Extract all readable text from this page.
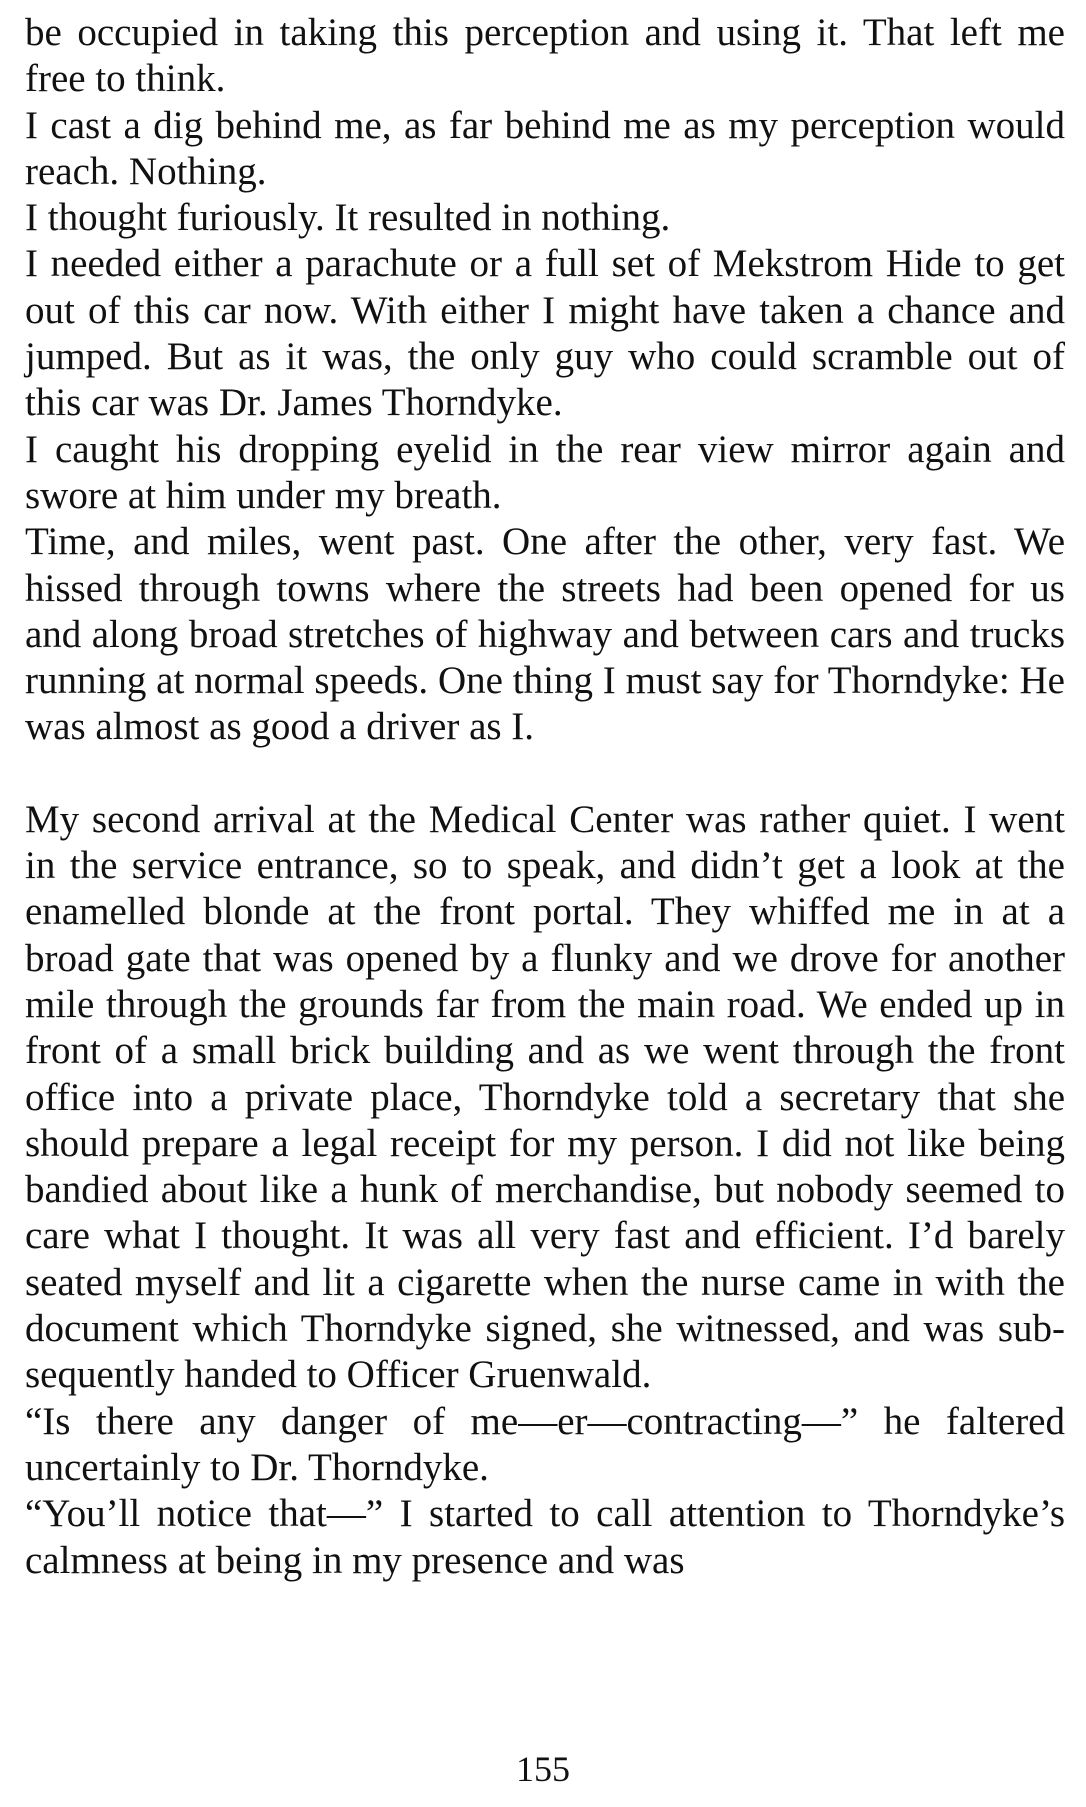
be occupied in taking this perception and using it. That left me free to think.

I cast a dig behind me, as far behind me as my perception would reach. Nothing.

I thought furiously. It resulted in nothing.

I needed either a parachute or a full set of Mekstrom Hide to get out of this car now. With either I might have taken a chance and jumped. But as it was, the only guy who could scramble out of this car was Dr. James Thorndyke.

I caught his dropping eyelid in the rear view mirror again and swore at him under my breath.

Time, and miles, went past. One after the other, very fast. We hissed through towns where the streets had been opened for us and along broad stretches of highway and between cars and trucks running at normal speeds. One thing I must say for Thorndyke: He was almost as good a driver as I.

My second arrival at the Medical Center was rather quiet. I went in the service entrance, so to speak, and didn’t get a look at the enamelled blonde at the front portal. They whiffed me in at a broad gate that was opened by a flunky and we drove for another mile through the grounds far from the main road. We ended up in front of a small brick building and as we went through the front office into a private place, Thorndyke told a secretary that she should prepare a legal receipt for my person. I did not like being bandied about like a hunk of merchandise, but nobody seemed to care what I thought. It was all very fast and efficient. I’d barely seated myself and lit a cigarette when the nurse came in with the document which Thorndyke signed, she witnessed, and was subsequently handed to Officer Gruenwald.

“Is there any danger of me—er—contracting—” he faltered uncertainly to Dr. Thorndyke.

“You’ll notice that—” I started to call attention to Thorndyke’s calmness at being in my presence and was

155
